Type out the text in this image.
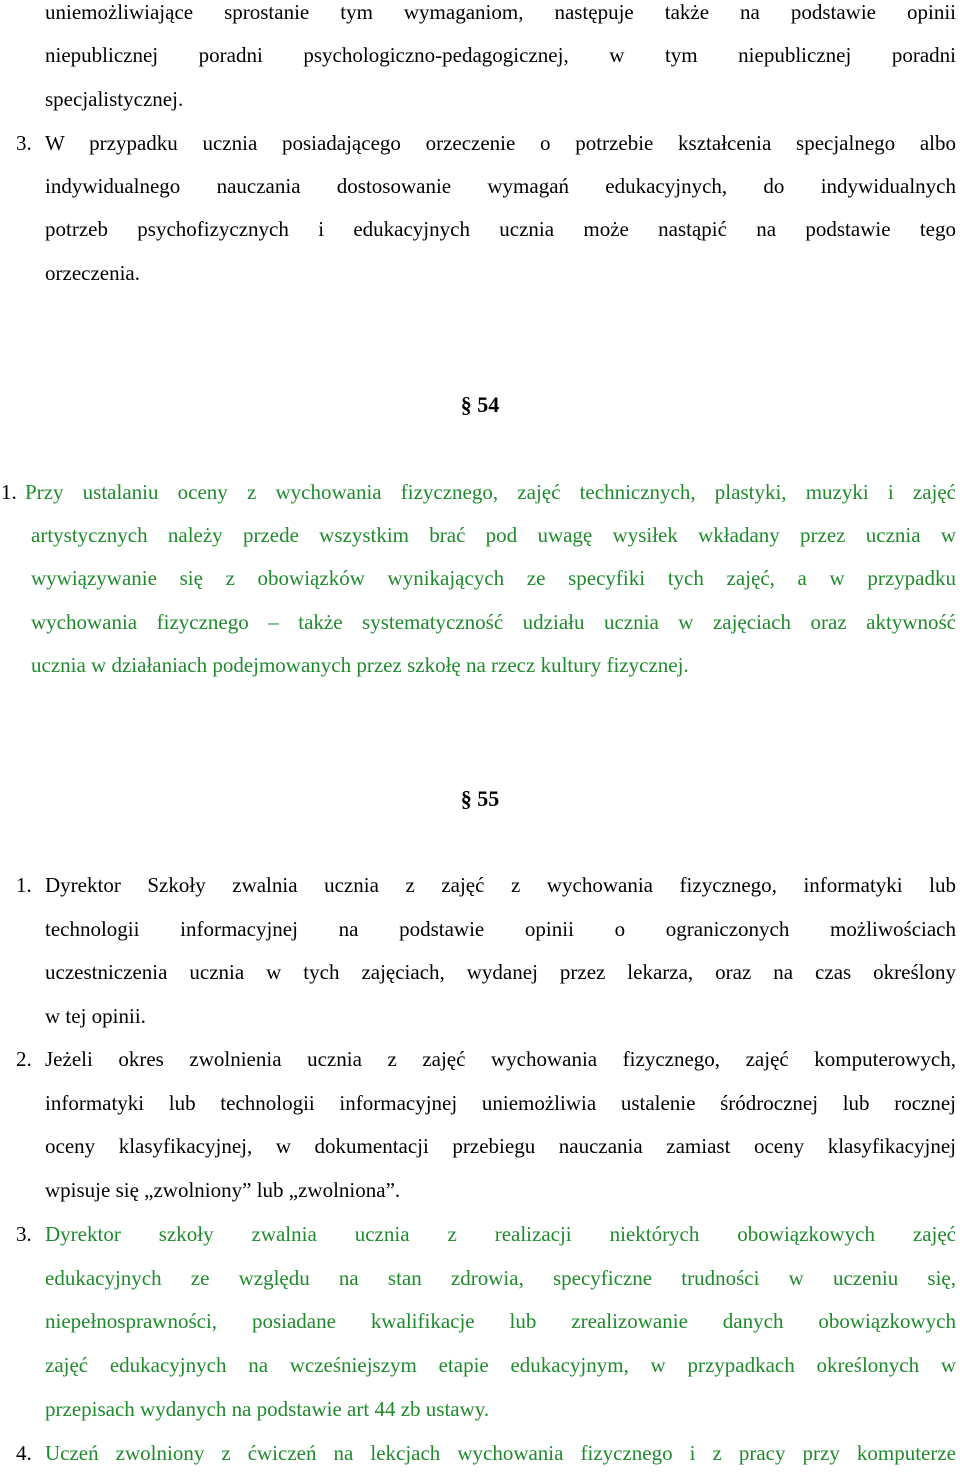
uniemożliwiające sprostanie tym wymaganiom, następuje także na podstawie opinii
niepublicznej poradni psychologiczno-pedagogicznej, w tym niepublicznej poradni
specjalistycznej.
3. W przypadku ucznia posiadającego orzeczenie o potrzebie kształcenia specjalnego albo
indywidualnego nauczania dostosowanie wymagań edukacyjnych, do indywidualnych
potrzeb psychofizycznych i edukacyjnych ucznia może nastąpić na podstawie tego
orzeczenia.
§ 54
1. Przy ustalaniu oceny z wychowania fizycznego, zajęć technicznych, plastyki, muzyki i zajęć
artystycznych należy przede wszystkim brać pod uwagę wysiłek wkładany przez ucznia w
wywiązywanie się z obowiązków wynikających ze specyfiki tych zajęć, a w przypadku
wychowania fizycznego – także systematyczność udziału ucznia w zajęciach oraz aktywność
ucznia w działaniach podejmowanych przez szkołę na rzecz kultury fizycznej.
§ 55
1. Dyrektor Szkoły zwalnia ucznia z zajęć z wychowania fizycznego, informatyki lub
technologii informacyjnej na podstawie opinii o ograniczonych możliwościach
uczestniczenia ucznia w tych zajęciach, wydanej przez lekarza, oraz na czas określony
w tej opinii.
2. Jeżeli okres zwolnienia ucznia z zajęć wychowania fizycznego, zajęć komputerowych,
informatyki lub technologii informacyjnej uniemożliwia ustalenie śródrocznej lub rocznej
oceny klasyfikacyjnej, w dokumentacji przebiegu nauczania zamiast oceny klasyfikacyjnej
wpisuje się „zwolniony” lub „zwolniona”.
3. Dyrektor szkoły zwalnia ucznia z realizacji niektórych obowiązkowych zajęć
edukacyjnych ze względu na stan zdrowia, specyficzne trudności w uczeniu się,
niepełnosprawności, posiadane kwalifikacje lub zrealizowanie danych obowiązkowych
zajęć edukacyjnych na wcześniejszym etapie edukacyjnym, w przypadkach określonych w
przepisach wydanych na podstawie art 44 zb ustawy.
4. Uczeń zwolniony z ćwiczeń na lekcjach wychowania fizycznego i z pracy przy komputerze
